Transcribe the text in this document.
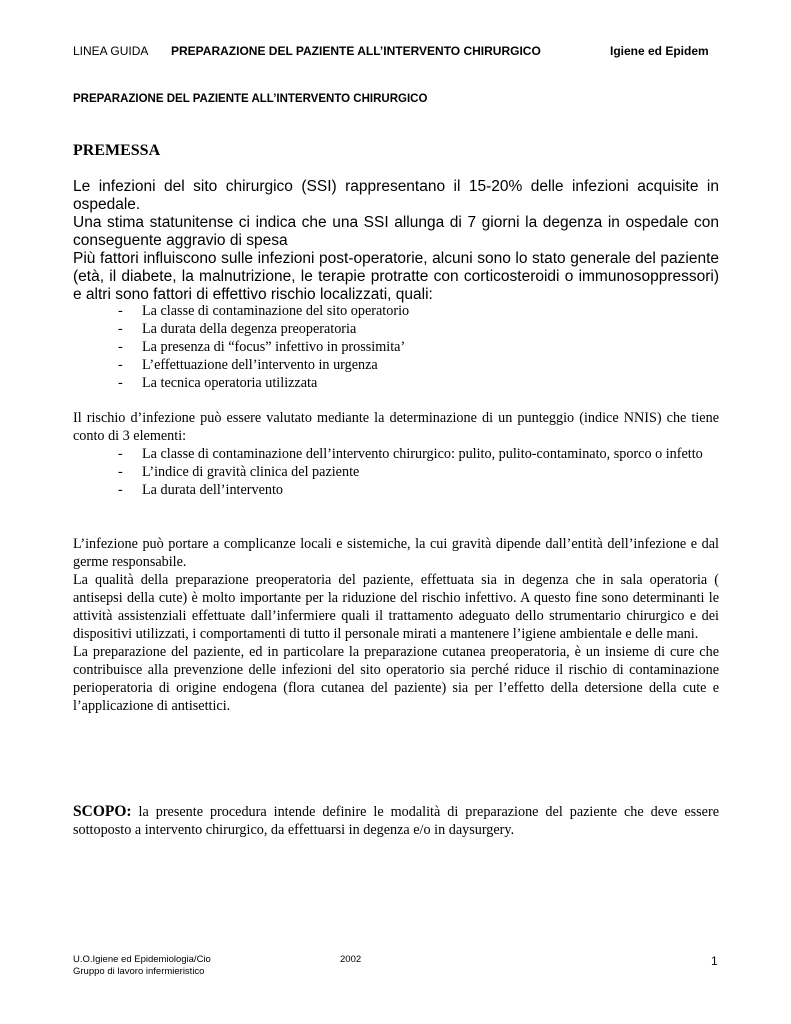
LINEA GUIDA PREPARAZIONE DEL PAZIENTE ALL’INTERVENTO CHIRURGICO	Igiene ed Epidem
PREPARAZIONE DEL PAZIENTE ALL’INTERVENTO CHIRURGICO
PREMESSA

Le infezioni del sito chirurgico (SSI) rappresentano il 15-20% delle infezioni acquisite in ospedale.

Una stima statunitense ci indica che una SSI allunga di 7 giorni la degenza in ospedale con conseguente aggravio di spesa

Più fattori influiscono sulle infezioni post-operatorie, alcuni sono lo stato generale del paziente (età, il diabete, la malnutrizione, le terapie protratte con corticosteroidi o immunosoppressori) e altri sono fattori di effettivo rischio localizzati, quali:

- La classe di contaminazione del sito operatorio
- La durata della degenza preoperatoria
- La presenza di “focus” infettivo in prossimita’
- L’effettuazione dell’intervento in urgenza
- La tecnica operatoria utilizzata

Il rischio d’infezione può essere valutato mediante la determinazione di un punteggio (indice NNIS) che tiene conto di 3 elementi:

- La classe di contaminazione dell’intervento chirurgico: pulito, pulito-contaminato, sporco o infetto
- L’indice di gravità clinica del paziente
- La durata dell’intervento

L’infezione può portare a complicanze locali e sistemiche, la cui gravità dipende dall’entità dell’infezione e dal germe responsabile.

La qualità della preparazione preoperatoria del paziente, effettuata sia in degenza che in sala operatoria ( antisepsi della cute) è molto importante per la riduzione del rischio infettivo. A questo fine sono determinanti le attività assistenziali effettuate dall’infermiere quali il trattamento adeguato dello strumentario chirurgico e dei dispositivi utilizzati, i comportamenti di tutto il personale mirati a mantenere l’igiene ambientale e delle mani.

La preparazione del paziente, ed in particolare la preparazione cutanea preoperatoria, è un insieme di cure che contribuisce alla prevenzione delle infezioni del sito operatorio sia perché riduce il rischio di contaminazione perioperatoria di origine endogena (flora cutanea del paziente) sia per l’effetto della detersione della cute e l’applicazione di antisettici.

SCOPO: la presente procedura intende definire le modalità di preparazione del paziente che deve essere sottoposto a intervento chirurgico, da effettuarsi in degenza e/o in daysurgery.

U.O.Igiene ed Epidemiologia/Cio
Gruppo di lavoro infermieristico
2002	1
